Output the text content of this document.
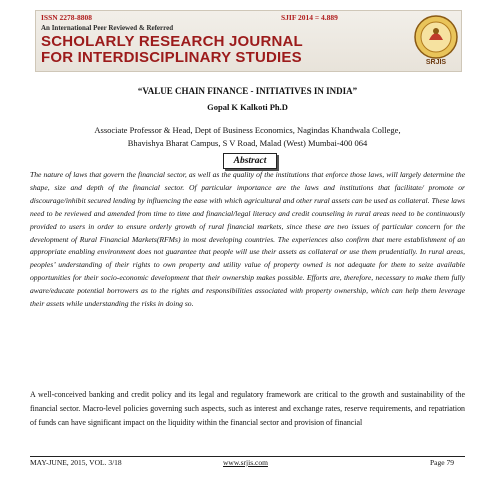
ISSN 2278-8808	SJIF 2014 = 4.889
An International Peer Reviewed & Referred
SCHOLARLY RESEARCH JOURNAL
FOR INTERDISCIPLINARY STUDIES	SRJIS
“VALUE CHAIN FINANCE - INITIATIVES IN INDIA”
Gopal K Kalkoti Ph.D
Associate Professor & Head, Dept of Business Economics, Nagindas Khandwala College,
Bhavishya Bharat Campus, S V Road, Malad (West) Mumbai-400 064
Abstract

The nature of laws that govern the financial sector, as well as the quality of the institutions that enforce those laws, will largely determine the shape, size and depth of the financial sector. Of particular importance are the laws and institutions that facilitate/ promote or discourage/inhibit secured lending by influencing the ease with which agricultural and other rural assets can be used as collateral. These laws need to be reviewed and amended from time to time and financial/legal literacy and credit counseling in rural areas need to be continuously provided to users in order to ensure orderly growth of rural financial markets, since these are two issues of particular concern for the development of Rural Financial Markets(RFMs) in most developing countries. The experiences also confirm that mere establishment of an appropriate enabling environment does not guarantee that people will use their assets as collateral or use them prudentially. In rural areas, peoples’ understanding of their rights to own property and utility value of property owned is not adequate for them to seize available opportunities for their socio-economic development that their ownership makes possible. Efforts are, therefore, necessary to make them fully aware/educate potential borrowers as to the rights and responsibilities associated with property ownership, which can help them leverage their assets while understanding the risks in doing so.

A well-conceived banking and credit policy and its legal and regulatory framework are critical to the growth and sustainability of the financial sector. Macro-level policies governing such aspects, such as interest and exchange rates, reserve requirements, and repatriation of funds can have significant impact on the liquidity within the financial sector and provision of financial

MAY-JUNE, 2015, VOL. 3/18	www.srjis.com	Page 79
